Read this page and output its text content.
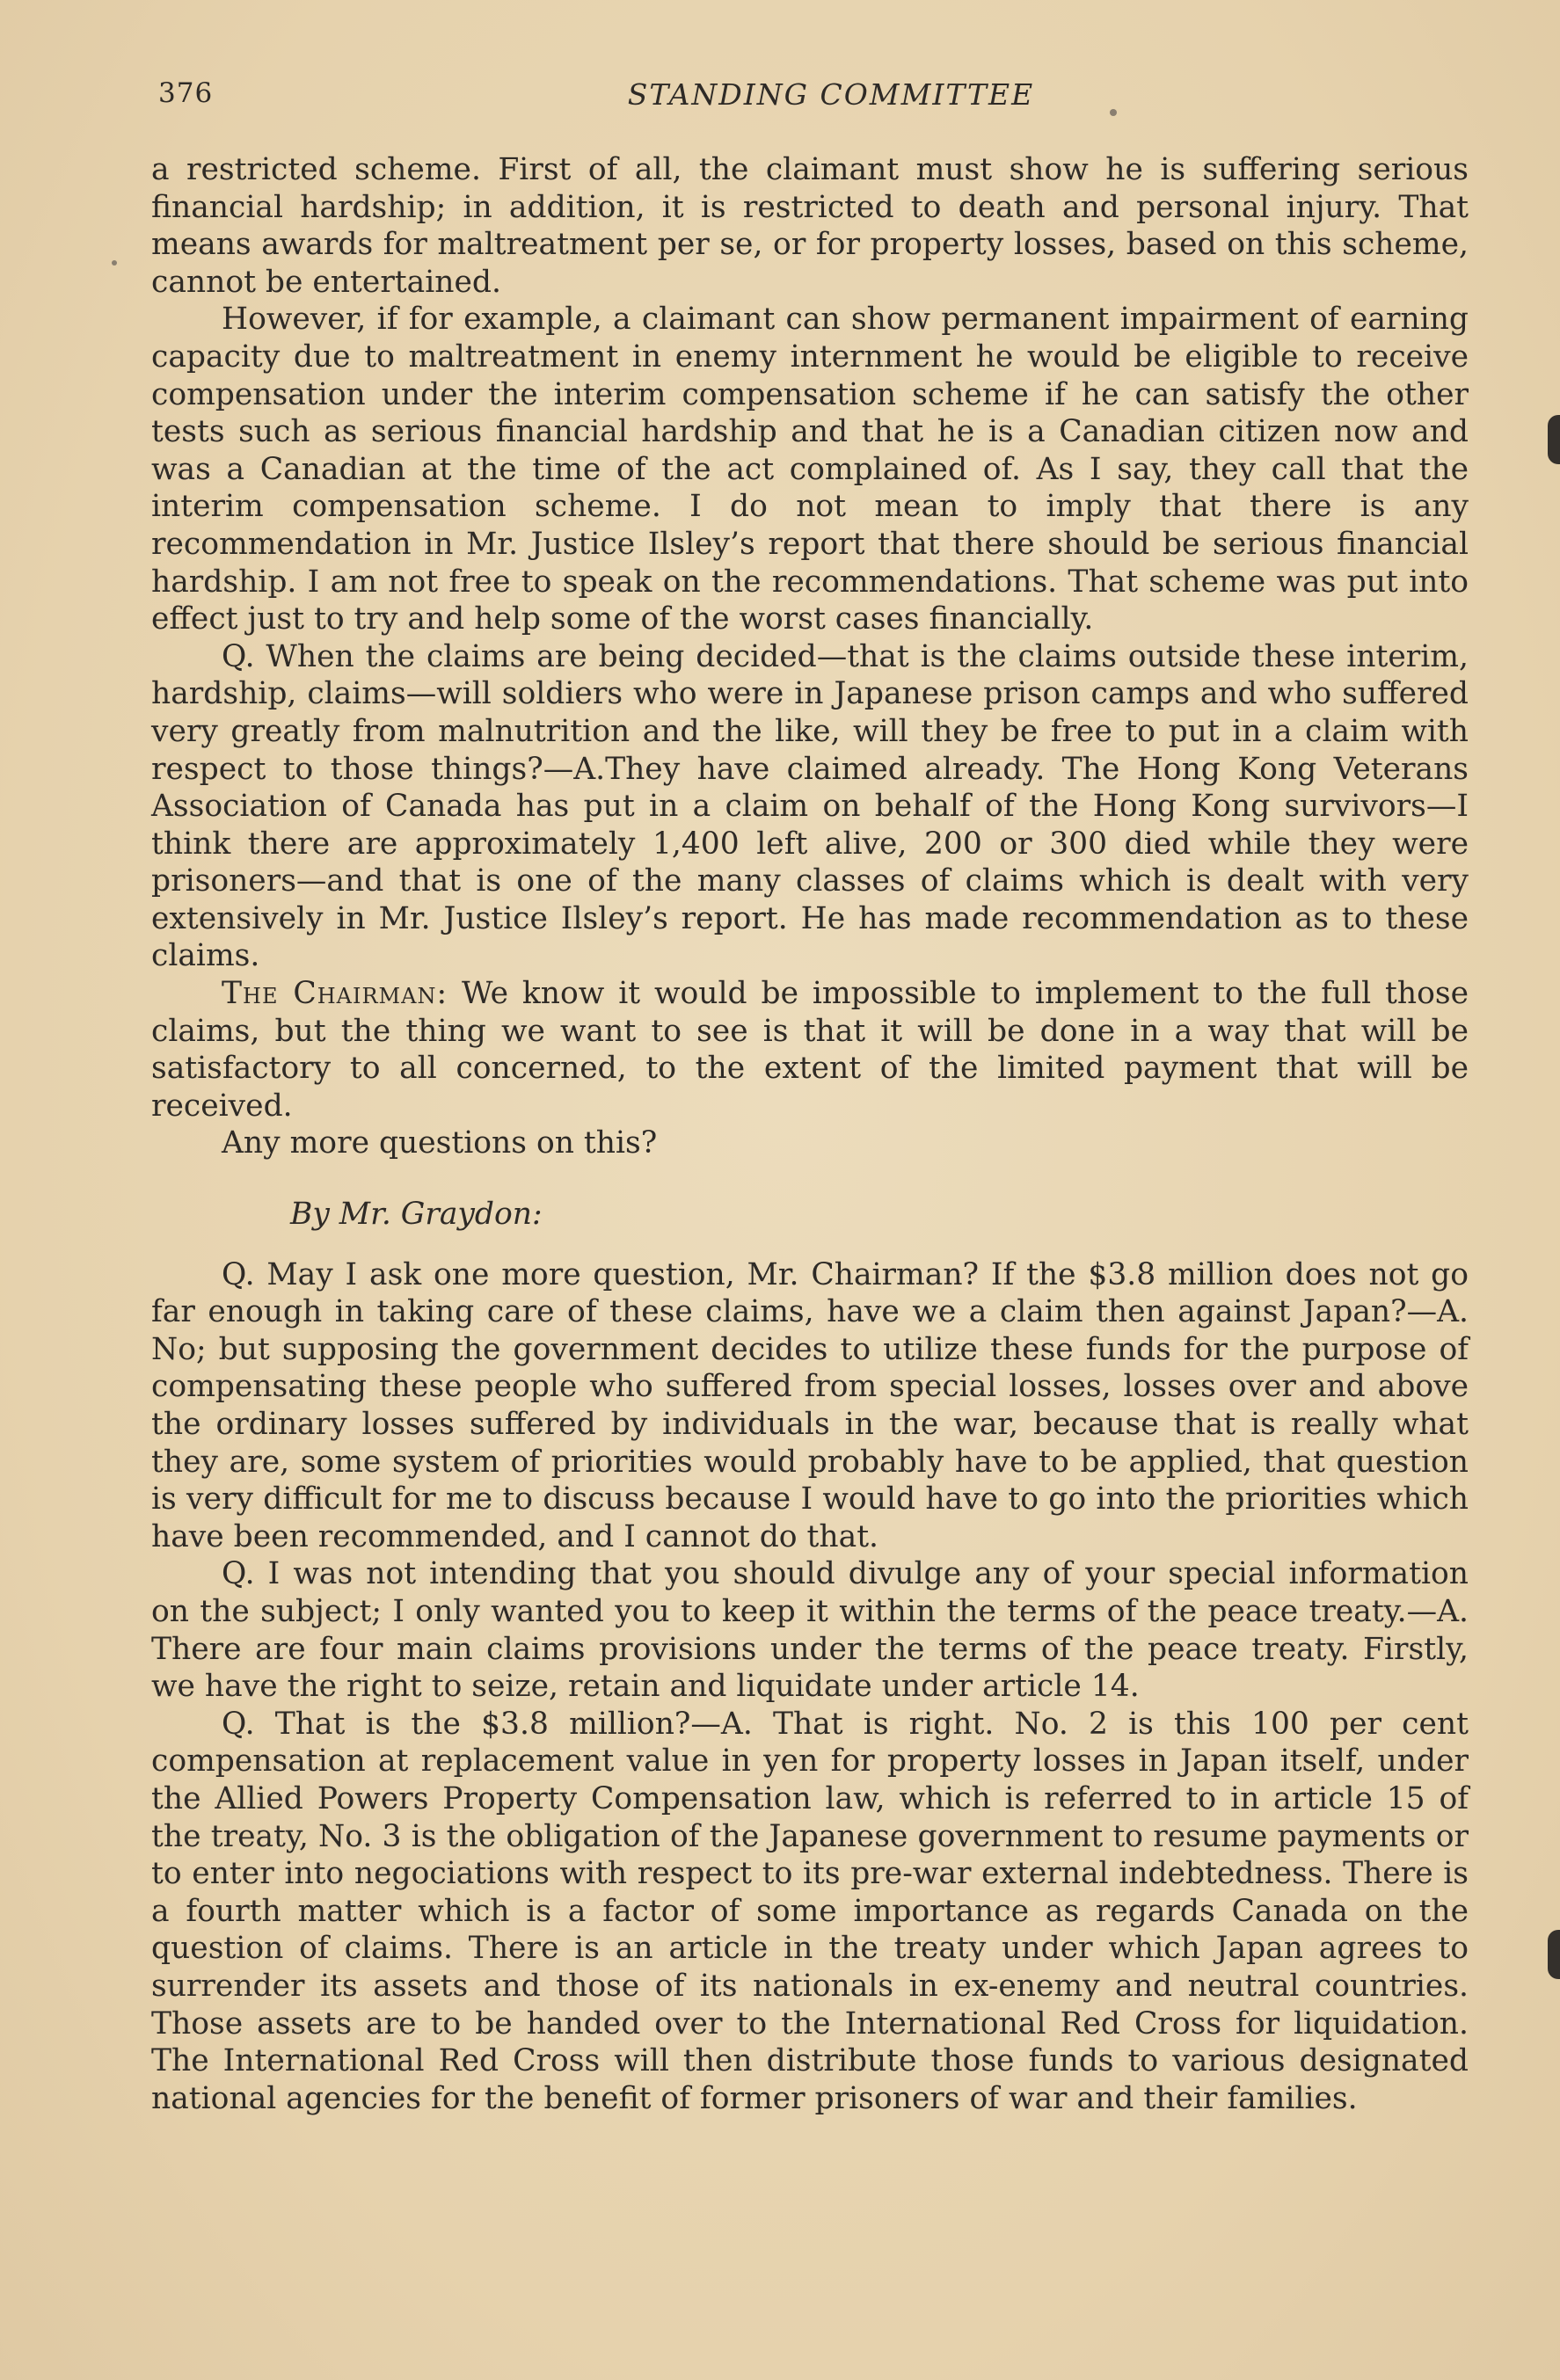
376	STANDING COMMITTEE

a restricted scheme. First of all, the claimant must show he is suffering serious financial hardship; in addition, it is restricted to death and personal injury. That means awards for maltreatment per se, or for property losses, based on this scheme, cannot be entertained.

However, if for example, a claimant can show permanent impairment of earning capacity due to maltreatment in enemy internment he would be eligible to receive compensation under the interim compensation scheme if he can satisfy the other tests such as serious financial hardship and that he is a Canadian citizen now and was a Canadian at the time of the act complained of. As I say, they call that the interim compensation scheme. I do not mean to imply that there is any recommendation in Mr. Justice Ilsley’s report that there should be serious financial hardship. I am not free to speak on the recommendations. That scheme was put into effect just to try and help some of the worst cases financially.

Q. When the claims are being decided—that is the claims outside these interim, hardship, claims—will soldiers who were in Japanese prison camps and who suffered very greatly from malnutrition and the like, will they be free to put in a claim with respect to those things?—A.They have claimed already. The Hong Kong Veterans Association of Canada has put in a claim on behalf of the Hong Kong survivors—I think there are approximately 1,400 left alive, 200 or 300 died while they were prisoners—and that is one of the many classes of claims which is dealt with very extensively in Mr. Justice Ilsley’s report. He has made recommendation as to these claims.

The Chairman: We know it would be impossible to implement to the full those claims, but the thing we want to see is that it will be done in a way that will be satisfactory to all concerned, to the extent of the limited payment that will be received.

Any more questions on this?

By Mr. Graydon:

Q. May I ask one more question, Mr. Chairman? If the $3.8 million does not go far enough in taking care of these claims, have we a claim then against Japan?—A. No; but supposing the government decides to utilize these funds for the purpose of compensating these people who suffered from special losses, losses over and above the ordinary losses suffered by individuals in the war, because that is really what they are, some system of priorities would probably have to be applied, that question is very difficult for me to discuss because I would have to go into the priorities which have been recommended, and I cannot do that.

Q. I was not intending that you should divulge any of your special information on the subject; I only wanted you to keep it within the terms of the peace treaty.—A. There are four main claims provisions under the terms of the peace treaty. Firstly, we have the right to seize, retain and liquidate under article 14.

Q. That is the $3.8 million?—A. That is right. No. 2 is this 100 per cent compensation at replacement value in yen for property losses in Japan itself, under the Allied Powers Property Compensation law, which is referred to in article 15 of the treaty, No. 3 is the obligation of the Japanese government to resume payments or to enter into negociations with respect to its pre-war external indebtedness. There is a fourth matter which is a factor of some importance as regards Canada on the question of claims. There is an article in the treaty under which Japan agrees to surrender its assets and those of its nationals in ex-enemy and neutral countries. Those assets are to be handed over to the International Red Cross for liquidation. The International Red Cross will then distribute those funds to various designated national agencies for the benefit of former prisoners of war and their families.
